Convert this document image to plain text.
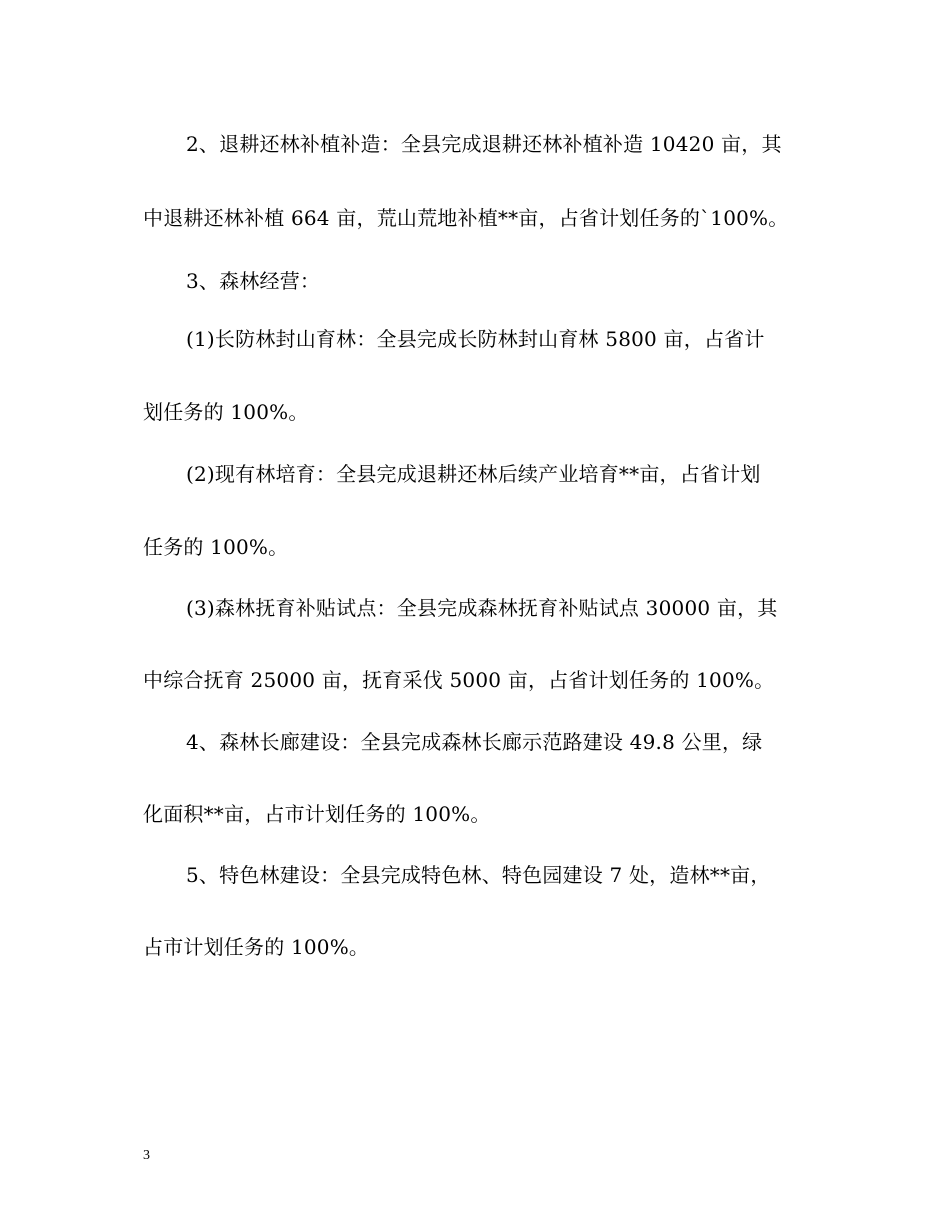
2、退耕还林补植补造：全县完成退耕还林补植补造 10420 亩，其
中退耕还林补植 664 亩，荒山荒地补植**亩，占省计划任务的`100%。
3、森林经营：
(1)长防林封山育林：全县完成长防林封山育林 5800 亩，占省计
划任务的 100%。
(2)现有林培育：全县完成退耕还林后续产业培育**亩，占省计划
任务的 100%。
(3)森林抚育补贴试点：全县完成森林抚育补贴试点 30000 亩，其
中综合抚育 25000 亩，抚育采伐 5000 亩，占省计划任务的 100%。
4、森林长廊建设：全县完成森林长廊示范路建设 49.8 公里，绿
化面积**亩，占市计划任务的 100%。
5、特色林建设：全县完成特色林、特色园建设 7 处，造林**亩，
占市计划任务的 100%。
3
